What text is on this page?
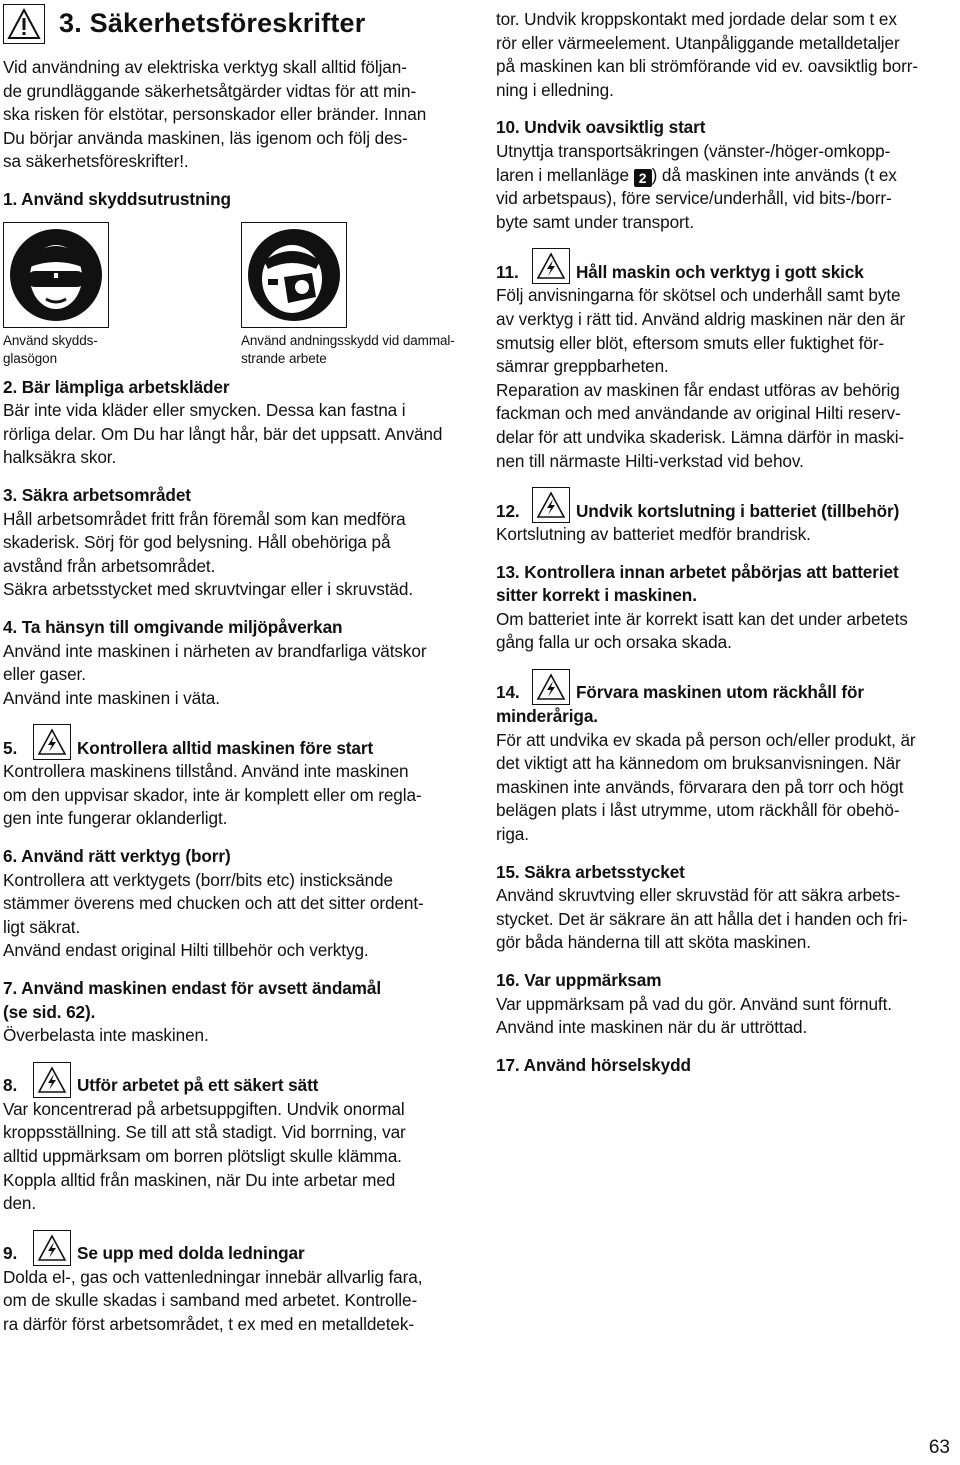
3. Säkerhetsföreskrifter

Vid användning av elektriska verktyg skall alltid följan-

de grundläggande säkerhetsåtgärder vidtas för att min-

ska risken för elstötar, personskador eller bränder. Innan

Du börjar använda maskinen, läs igenom och följ des-

sa säkerhetsföreskrifter!.

1. Använd skyddsutrustning

Använd skydds-
glasögon
Använd andningsskydd vid dammal-
strande arbete

2. Bär lämpliga arbetskläder

Bär inte vida kläder eller smycken. Dessa kan fastna i

rörliga delar. Om Du har långt hår, bär det uppsatt. Använd

halksäkra skor.

3. Säkra arbetsområdet

Håll arbetsområdet fritt från föremål som kan medföra

skaderisk. Sörj för god belysning. Håll obehöriga på

avstånd från arbetsområdet.

Säkra arbetsstycket med skruvtvingar eller i skruvstäd.

4. Ta hänsyn till omgivande miljöpåverkan

Använd inte maskinen i närheten av brandfarliga vätskor

eller gaser.

Använd inte maskinen i väta.

5.	Kontrollera alltid maskinen före start

Kontrollera maskinens tillstånd. Använd inte maskinen

om den uppvisar skador, inte är komplett eller om regla-

gen inte fungerar oklanderligt.

6. Använd rätt verktyg (borr)

Kontrollera att verktygets (borr/bits etc) insticksände

stämmer överens med chucken och att det sitter ordent-

ligt säkrat.

Använd endast original Hilti tillbehör och verktyg.

7. Använd maskinen endast för avsett ändamål

(se sid. 62).

Överbelasta inte maskinen.

8.	Utför arbetet på ett säkert sätt

Var koncentrerad på arbetsuppgiften. Undvik onormal

kroppsställning. Se till att stå stadigt. Vid borrning, var

alltid uppmärksam om borren plötsligt skulle klämma.

Koppla alltid från maskinen, när Du inte arbetar med

den.

9.	Se upp med dolda ledningar

Dolda el-, gas och vattenledningar innebär allvarlig fara,

om de skulle skadas i samband med arbetet. Kontrolle-

ra därför först arbetsområdet, t ex med en metalldetek-

tor. Undvik kroppskontakt med jordade delar som t ex

rör eller värmeelement. Utanpåliggande metalldetaljer

på maskinen kan bli strömförande vid ev. oavsiktlig borr-

ning i elledning.

10. Undvik oavsiktlig start

Utnyttja transportsäkringen (vänster-/höger-omkopp-

laren i mellanläge 2 ) då maskinen inte används (t ex

vid arbetspaus), före service/underhåll, vid bits-/borr-

byte samt under transport.

11.	Håll maskin och verktyg i gott skick

Följ anvisningarna för skötsel och underhåll samt byte

av verktyg i rätt tid. Använd aldrig maskinen när den är

smutsig eller blöt, eftersom smuts eller fuktighet för-

sämrar greppbarheten.

Reparation av maskinen får endast utföras av behörig

fackman och med användande av original Hilti reserv-

delar för att undvika skaderisk. Lämna därför in maski-

nen till närmaste Hilti-verkstad vid behov.

12.	Undvik kortslutning i batteriet (tillbehör)

Kortslutning av batteriet medför brandrisk.

13. Kontrollera innan arbetet påbörjas att batteriet

sitter korrekt i maskinen.

Om batteriet inte är korrekt isatt kan det under arbetets

gång falla ur och orsaka skada.

14.	Förvara maskinen utom räckhåll för

minderåriga.

För att undvika ev skada på person och/eller produkt, är

det viktigt att ha kännedom om bruksanvisningen. När

maskinen inte används, förvarara den på torr och högt

belägen plats i låst utrymme, utom räckhåll för obehö-

riga.

15. Säkra arbetsstycket

Använd skruvtving eller skruvstäd för att säkra arbets-

stycket. Det är säkrare än att hålla det i handen och fri-

gör båda händerna till att sköta maskinen.

16. Var uppmärksam

Var uppmärksam på vad du gör. Använd sunt förnuft.

Använd inte maskinen när du är uttröttad.

17. Använd hörselskydd

63
